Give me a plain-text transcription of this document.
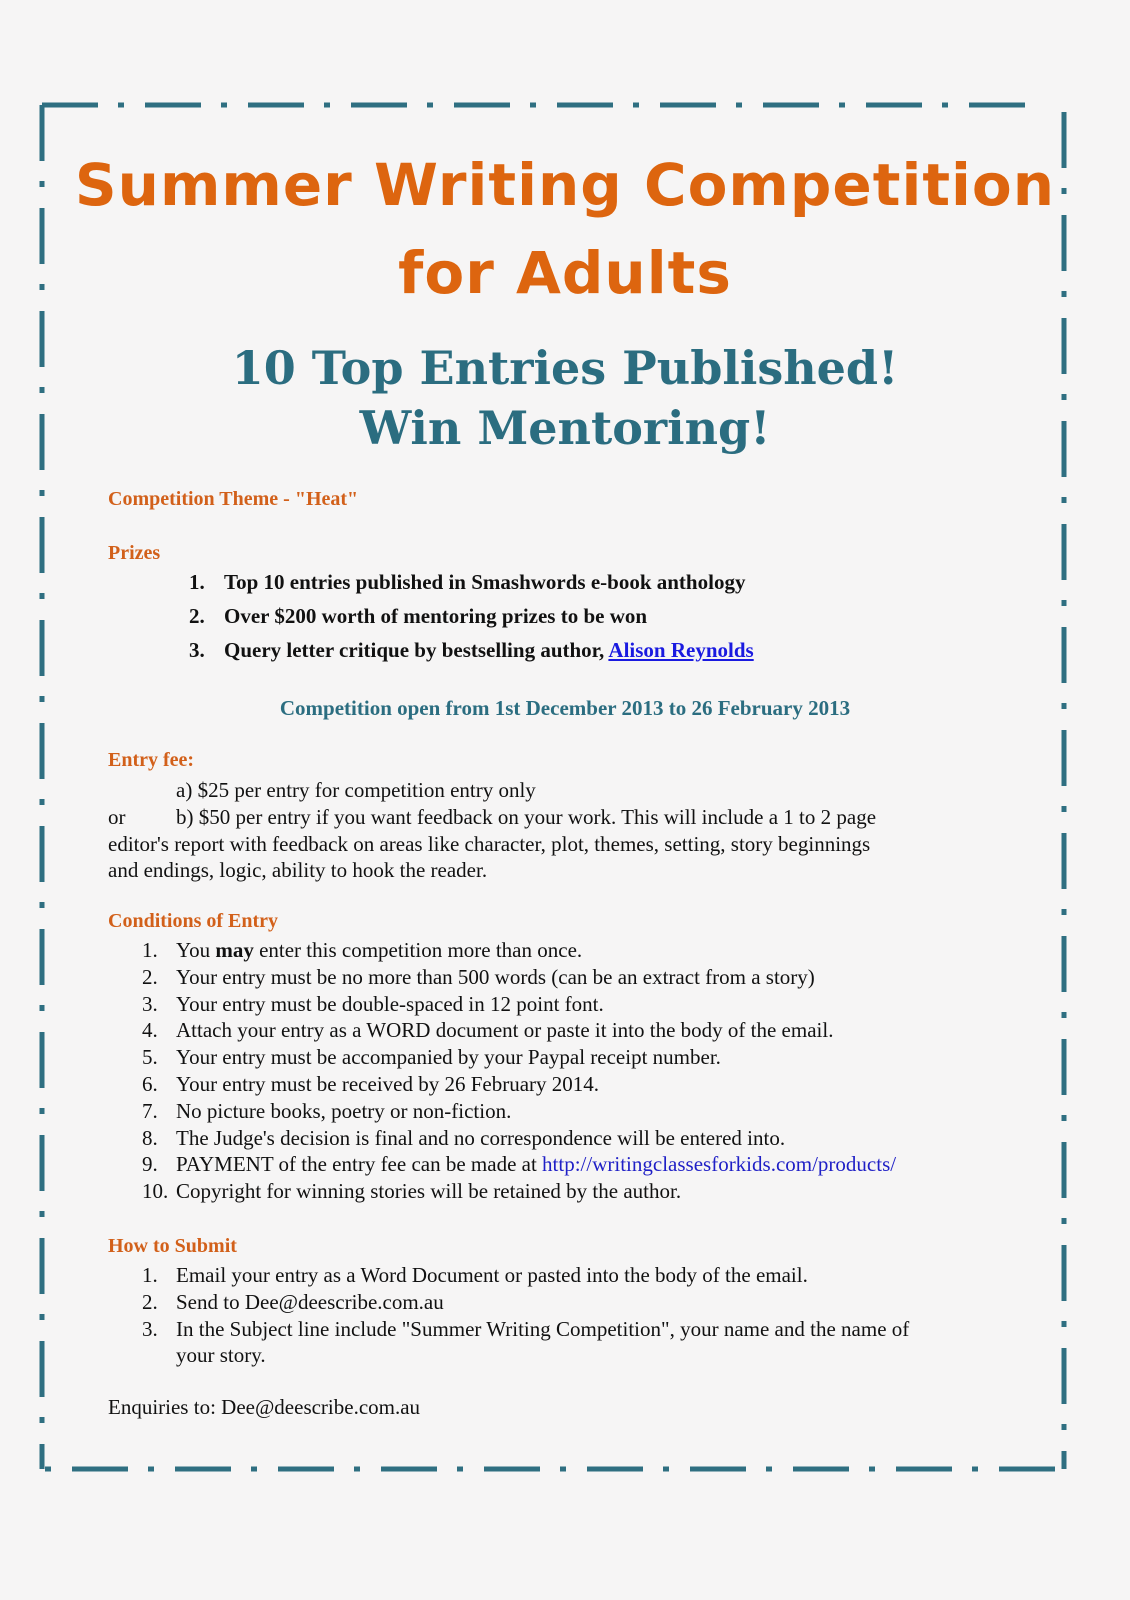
Summer Writing Competition
for Adults
10 Top Entries Published!
Win Mentoring!
Competition Theme - "Heat"
Prizes
1. Top 10 entries published in Smashwords e-book anthology
2. Over $200 worth of mentoring prizes to be won
3. Query letter critique by bestselling author, Alison Reynolds
Competition open from 1st December 2013 to 26 February 2013
Entry fee:
a) $25 per entry for competition entry only
or b) $50 per entry if you want feedback on your work. This will include a 1 to 2 page
editor's report with feedback on areas like character, plot, themes, setting, story beginnings
and endings, logic, ability to hook the reader.
Conditions of Entry
1. You may enter this competition more than once.
2. Your entry must be no more than 500 words (can be an extract from a story)
3. Your entry must be double-spaced in 12 point font.
4. Attach your entry as a WORD document or paste it into the body of the email.
5. Your entry must be accompanied by your Paypal receipt number.
6. Your entry must be received by 26 February 2014.
7. No picture books, poetry or non-fiction.
8. The Judge's decision is final and no correspondence will be entered into.
9. PAYMENT of the entry fee can be made at http://writingclassesforkids.com/products/
10. Copyright for winning stories will be retained by the author.
How to Submit
1. Email your entry as a Word Document or pasted into the body of the email.
2. Send to Dee@deescribe.com.au
3. In the Subject line include "Summer Writing Competition", your name and the name of
your story.
Enquiries to: Dee@deescribe.com.au
